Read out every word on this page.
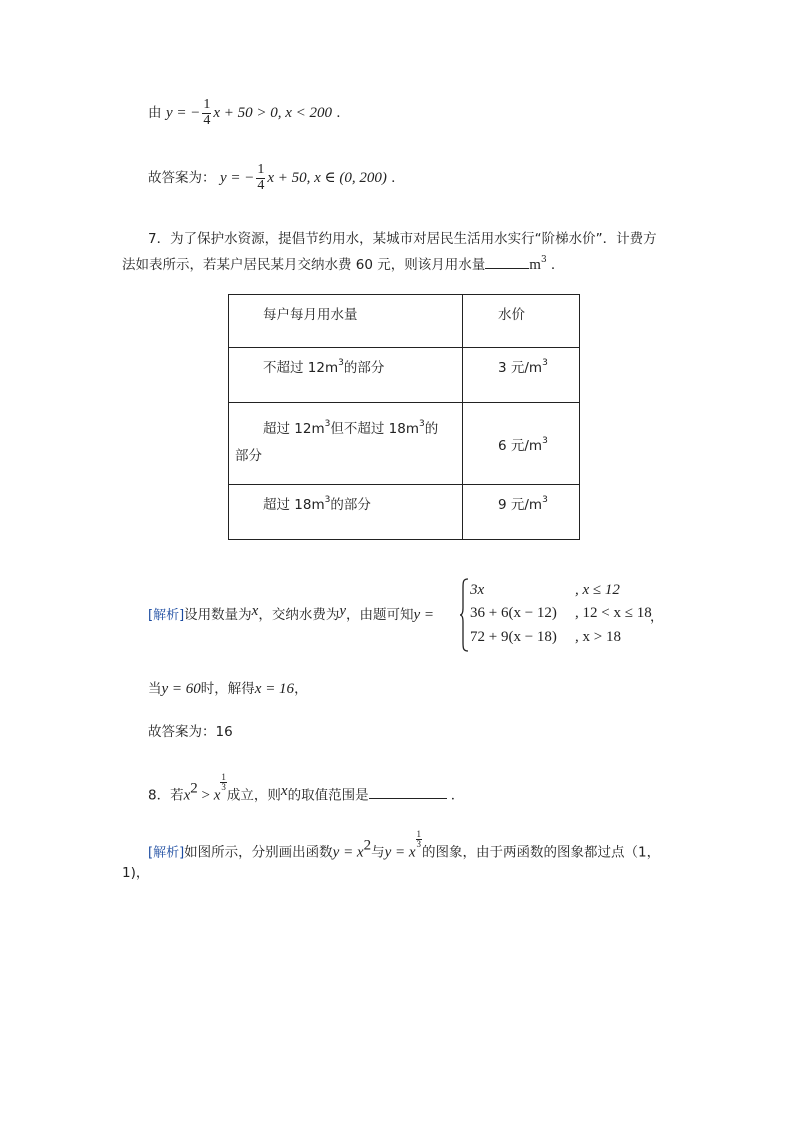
由 y = − $\frac{1}{4}$ x + 50 > 0, x < 200 .
故答案为： y = − $\frac{1}{4}$ x + 50, x ∈ (0, 200) .
7．为了保护水资源，提倡节约用水，某城市对居民生活用水实行“阶梯水价”．计费方
法如表所示，若某户居民某月交纳水费 60 元，则该月用水量	$m^3$ .
每户每月用水量	水价
不超过 $12m^3$的部分	3 元$/m^3$
超过 $12m^3$但不超过 $18m^3$的
部分	6 元$/m^3$
超过 $18m^3$的部分	9 元$/m^3$
[解析]设用数量为x，交纳水费为y，由题可知y =
3x	, x ≤ 12
36 + 6(x − 12) , 12 < x ≤ 18
72 + 9(x − 18) , x > 18
，
当y = 60时，解得x = 16，
故答案为：16
8．若$x^2 > x$
$\frac{1}{3}$
成立，则x的取值范围是	.
[解析]如图所示，分别画出函数$y = x^2$与y = x
$\frac{1}{3}$
的图象，由于两函数的图象都过点（1，
1)，
